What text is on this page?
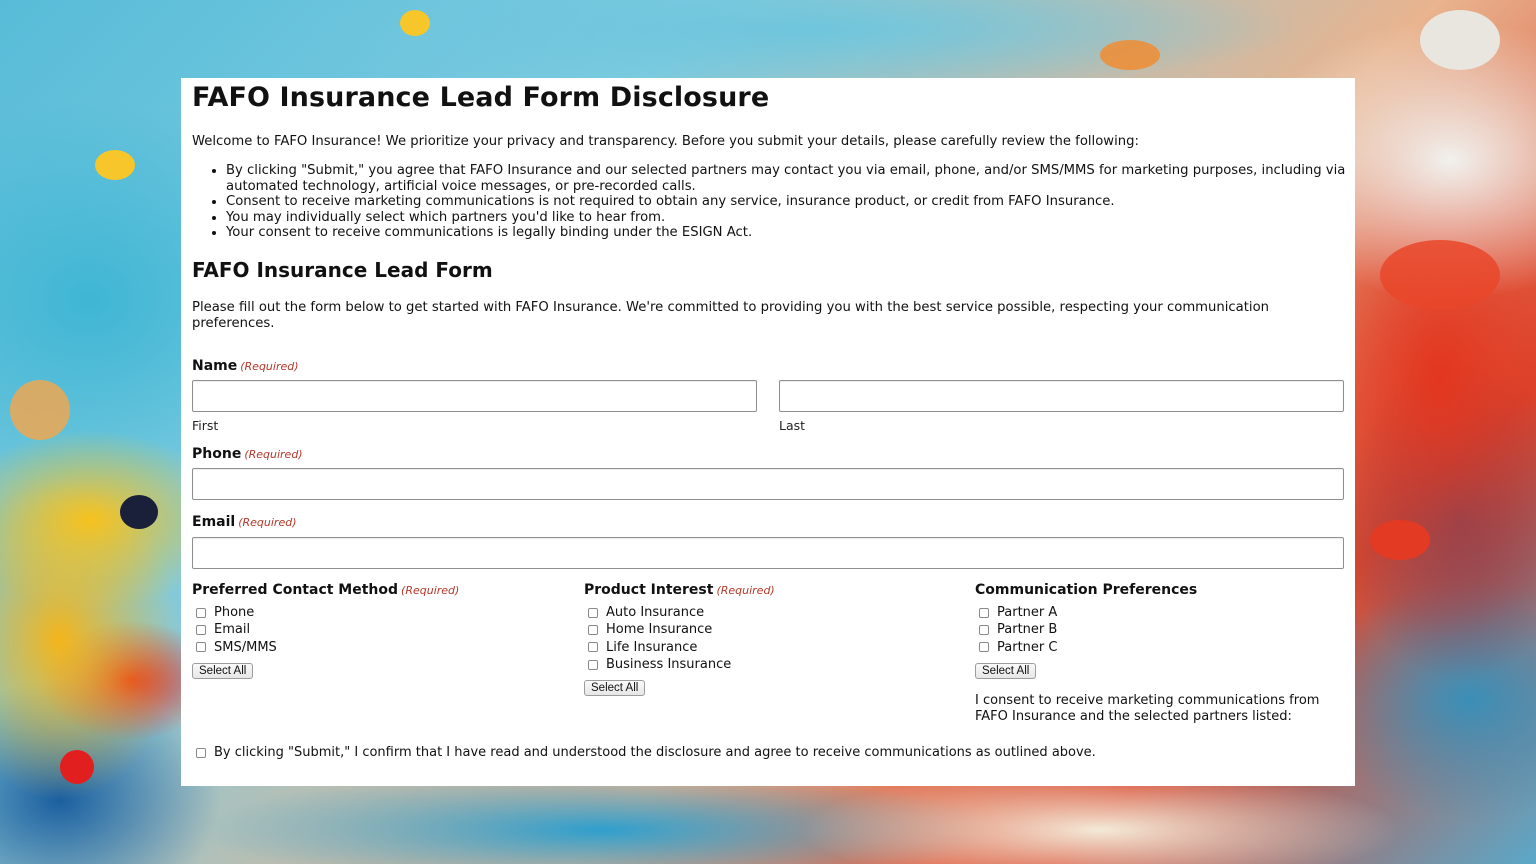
FAFO Insurance Lead Form Disclosure
Welcome to FAFO Insurance! We prioritize your privacy and transparency. Before you submit your details, please carefully review the following:
• By clicking "Submit," you agree that FAFO Insurance and our selected partners may contact you via email, phone, and/or SMS/MMS for marketing purposes, including via automated technology, artificial voice messages, or pre-recorded calls.
• Consent to receive marketing communications is not required to obtain any service, insurance product, or credit from FAFO Insurance.
• You may individually select which partners you'd like to hear from.
• Your consent to receive communications is legally binding under the ESIGN Act.
FAFO Insurance Lead Form
Please fill out the form below to get started with FAFO Insurance. We're committed to providing you with the best service possible, respecting your communication preferences.
Name (Required)
First	Last
Phone (Required)
Email (Required)
Preferred Contact Method (Required)
Phone
Email
SMS/MMS
Select All
Product Interest (Required)
Auto Insurance
Home Insurance
Life Insurance
Business Insurance
Select All
Communication Preferences
Partner A
Partner B
Partner C
Select All
I consent to receive marketing communications from FAFO Insurance and the selected partners listed:
By clicking "Submit," I confirm that I have read and understood the disclosure and agree to receive communications as outlined above.
